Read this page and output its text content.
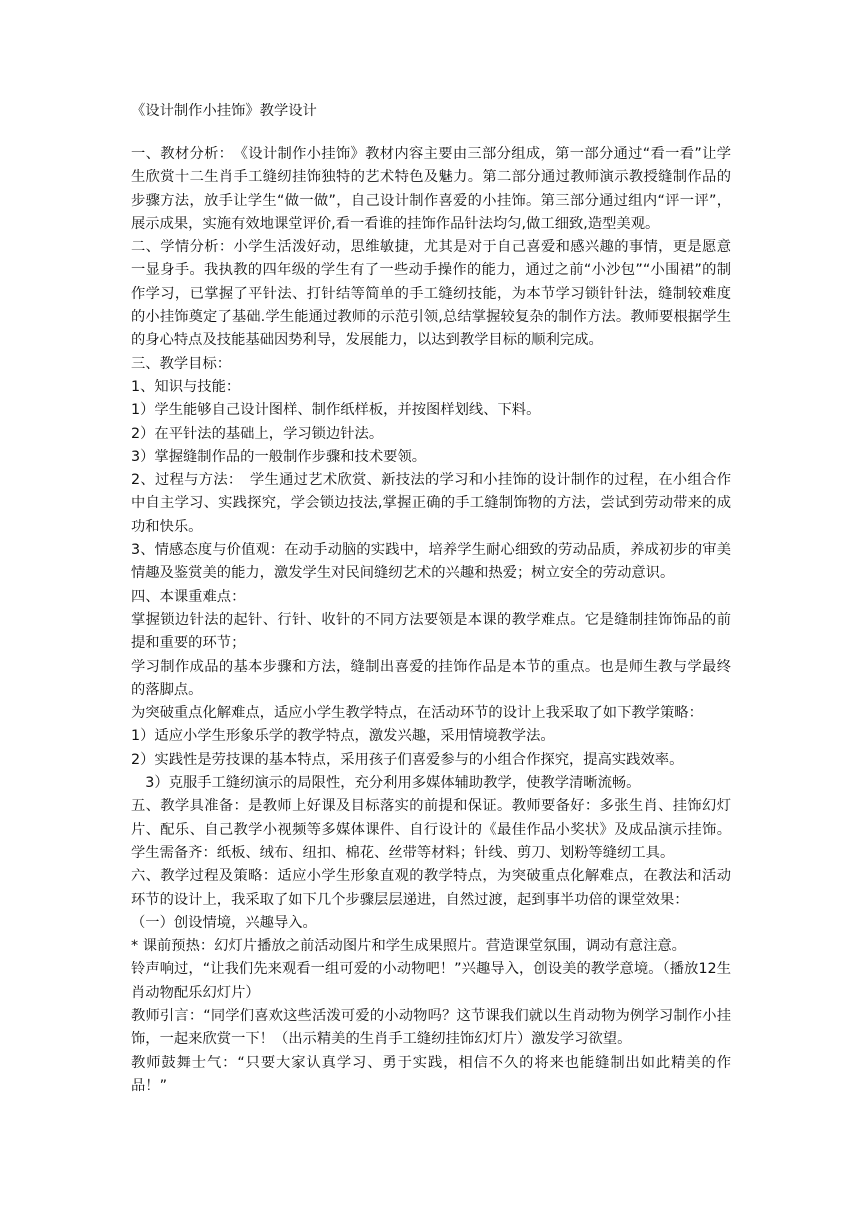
《设计制作小挂饰》教学设计

一、教材分析：　《设计制作小挂饰》教材内容主要由三部分组成，第一部分通过“看一看”让学生欣赏十二生肖手工缝纫挂饰独特的艺术特色及魅力。第二部分通过教师演示教授缝制作品的步骤方法，放手让学生“做一做”，自己设计制作喜爱的小挂饰。第三部分通过组内“评一评”，展示成果，实施有效地课堂评价,看一看谁的挂饰作品针法均匀,做工细致,造型美观。

二、学情分析：小学生活泼好动，思维敏捷，尤其是对于自己喜爱和感兴趣的事情，更是愿意一显身手。我执教的四年级的学生有了一些动手操作的能力，通过之前“小沙包”“小围裙”的制作学习，已掌握了平针法、打针结等简单的手工缝纫技能，为本节学习锁针针法，缝制较难度的小挂饰奠定了基础.学生能通过教师的示范引领,总结掌握较复杂的制作方法。教师要根据学生的身心特点及技能基础因势利导，发展能力，以达到教学目标的顺利完成。

三、教学目标：

1、知识与技能：

1）学生能够自己设计图样、制作纸样板，并按图样划线、下料。

2）在平针法的基础上，学习锁边针法。

3）掌握缝制作品的一般制作步骤和技术要领。

2、过程与方法：　学生通过艺术欣赏、新技法的学习和小挂饰的设计制作的过程，在小组合作中自主学习、实践探究，学会锁边技法,掌握正确的手工缝制饰物的方法，尝试到劳动带来的成功和快乐。

3、情感态度与价值观：在动手动脑的实践中，培养学生耐心细致的劳动品质，养成初步的审美情趣及鉴赏美的能力，激发学生对民间缝纫艺术的兴趣和热爱；树立安全的劳动意识。

四、本课重难点：

掌握锁边针法的起针、行针、收针的不同方法要领是本课的教学难点。它是缝制挂饰饰品的前提和重要的环节；

学习制作成品的基本步骤和方法，缝制出喜爱的挂饰作品是本节的重点。也是师生教与学最终的落脚点。

为突破重点化解难点，适应小学生教学特点，在活动环节的设计上我采取了如下教学策略：

1）适应小学生形象乐学的教学特点，激发兴趣，采用情境教学法。

2）实践性是劳技课的基本特点，采用孩子们喜爱参与的小组合作探究，提高实践效率。

　3）克服手工缝纫演示的局限性，充分利用多媒体辅助教学，使教学清晰流畅。

五、教学具准备：是教师上好课及目标落实的前提和保证。教师要备好：多张生肖、挂饰幻灯片、配乐、自己教学小视频等多媒体课件、自行设计的《最佳作品小奖状》及成品演示挂饰。学生需备齐：纸板、绒布、纽扣、棉花、丝带等材料；针线、剪刀、划粉等缝纫工具。

六、教学过程及策略：适应小学生形象直观的教学特点，为突破重点化解难点，在教法和活动环节的设计上，我采取了如下几个步骤层层递进，自然过渡，起到事半功倍的课堂效果：

（一）创设情境，兴趣导入。

* 课前预热：幻灯片播放之前活动图片和学生成果照片。营造课堂氛围，调动有意注意。

铃声响过，“让我们先来观看一组可爱的小动物吧！”兴趣导入，创设美的教学意境。（播放12生肖动物配乐幻灯片）

教师引言：“同学们喜欢这些活泼可爱的小动物吗？这节课我们就以生肖动物为例学习制作小挂饰，一起来欣赏一下！（出示精美的生肖手工缝纫挂饰幻灯片）激发学习欲望。

教师鼓舞士气：“只要大家认真学习、勇于实践，相信不久的将来也能缝制出如此精美的作品！”
